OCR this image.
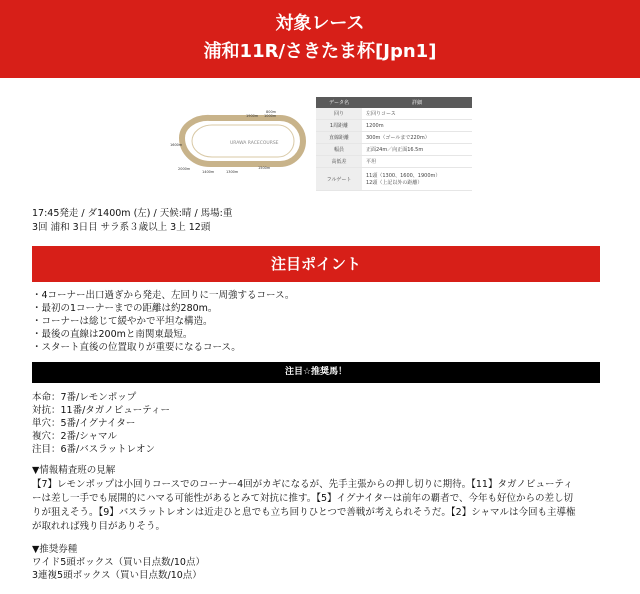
対象レース
浦和11R/さきたま杯[Jpn1]
URAWA RACECOURSE
800m
1000m
1900m
1600m
1400m	1300m
1500m
2000m
データ名	詳細
回り	左回りコース
1周距離	1200m
直線距離	300m（ゴールまで220m）
幅員	正面24m／向正面16.5m
高低差	平坦
フルゲート	11頭（1300、1600、1900m）
12頭（上記以外の距離）
17:45発走 / ダ1400m (左) / 天候:晴 / 馬場:重
3回 浦和 3日目 サラ系３歳以上 3上 12頭
注目ポイント
・4コーナー出口過ぎから発走、左回りに一周強するコース。
・最初の1コーナーまでの距離は約280m。
・コーナーは総じて緩やかで平坦な構造。
・最後の直線は200mと南関東最短。
・スタート直後の位置取りが重要になるコース。
注目☆推奨馬！
本命：7番/レモンポップ
対抗：11番/タガノビューティー
単穴：5番/イグナイター
複穴：2番/シャマル
注目：6番/バスラットレオン

▼情報精査班の見解

【7】レモンポップは小回りコースでのコーナー4回がカギになるが、先手主張からの押し切りに期待。【11】タガノビューティ
ーは差し一手でも展開的にハマる可能性があるとみて対抗に推す。【5】イグナイターは前年の覇者で、今年も好位からの差し切
りが狙えそう。【9】バスラットレオンは近走ひと息でも立ち回りひとつで善戦が考えられそうだ。【2】シャマルは今回も主導権
が取れれば残り目がありそう。
▼推奨券種
ワイド5頭ボックス（買い目点数/10点）
3連複5頭ボックス（買い目点数/10点）
